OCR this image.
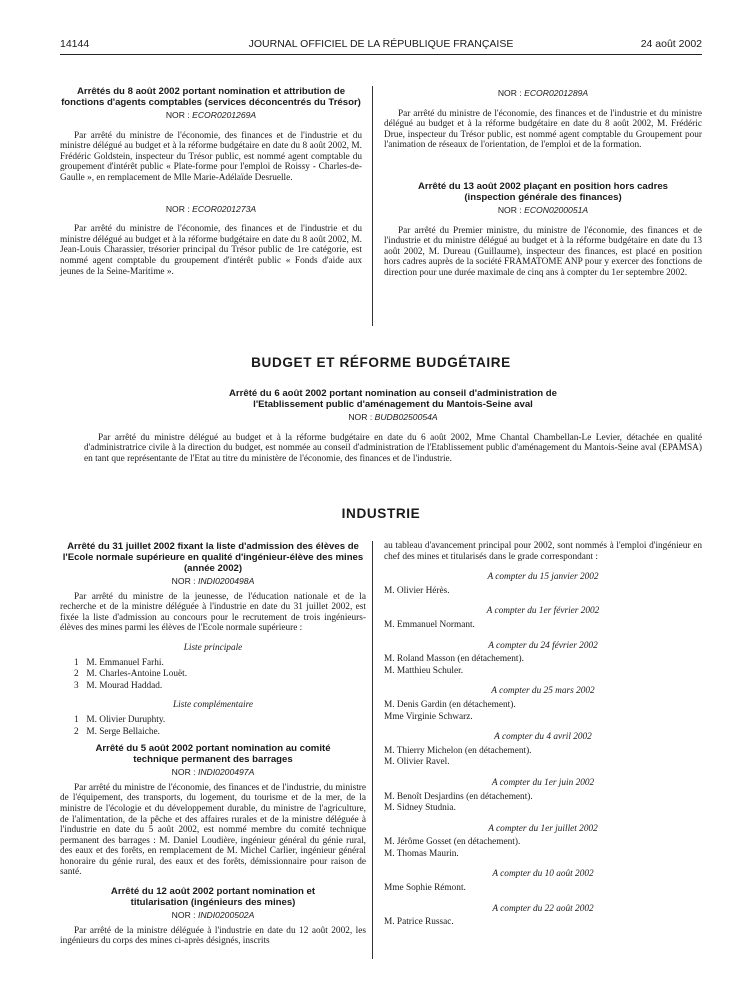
14144	JOURNAL OFFICIEL DE LA RÉPUBLIQUE FRANÇAISE	24 août 2002

Arrêtés du 8 août 2002 portant nomination et attribution de fonctions d'agents comptables (services déconcentrés du Trésor)

NOR : ECOR0201269A

Par arrêté du ministre de l'économie, des finances et de l'industrie et du ministre délégué au budget et à la réforme budgétaire en date du 8 août 2002, M. Frédéric Goldstein, inspecteur du Trésor public, est nommé agent comptable du groupement d'intérêt public « Plate-forme pour l'emploi de Roissy - Charles-de-Gaulle », en remplacement de Mlle Marie-Adélaïde Desruelle.

NOR : ECOR0201273A

Par arrêté du ministre de l'économie, des finances et de l'industrie et du ministre délégué au budget et à la réforme budgétaire en date du 8 août 2002, M. Jean-Louis Charassier, trésorier principal du Trésor public de 1re catégorie, est nommé agent comptable du groupement d'intérêt public « Fonds d'aide aux jeunes de la Seine-Maritime ».

NOR : ECOR0201289A

Par arrêté du ministre de l'économie, des finances et de l'industrie et du ministre délégué au budget et à la réforme budgétaire en date du 8 août 2002, M. Frédéric Drue, inspecteur du Trésor public, est nommé agent comptable du Groupement pour l'animation de réseaux de l'orientation, de l'emploi et de la formation.

Arrêté du 13 août 2002 plaçant en position hors cadres (inspection générale des finances)

NOR : ECON0200051A

Par arrêté du Premier ministre, du ministre de l'économie, des finances et de l'industrie et du ministre délégué au budget et à la réforme budgétaire en date du 13 août 2002, M. Dureau (Guillaume), inspecteur des finances, est placé en position hors cadres auprès de la société FRAMATOME ANP pour y exercer des fonctions de direction pour une durée maximale de cinq ans à compter du 1er septembre 2002.

BUDGET ET RÉFORME BUDGÉTAIRE

Arrêté du 6 août 2002 portant nomination au conseil d'administration de l'Etablissement public d'aménagement du Mantois-Seine aval

NOR : BUDB0250054A

Par arrêté du ministre délégué au budget et à la réforme budgétaire en date du 6 août 2002, Mme Chantal Chambellan-Le Levier, détachée en qualité d'administratrice civile à la direction du budget, est nommée au conseil d'administration de l'Etablissement public d'aménagement du Mantois-Seine aval (EPAMSA) en tant que représentante de l'Etat au titre du ministère de l'économie, des finances et de l'industrie.

INDUSTRIE

Arrêté du 31 juillet 2002 fixant la liste d'admission des élèves de l'Ecole normale supérieure en qualité d'ingénieur-élève des mines (année 2002)

NOR : INDI0200498A

Par arrêté du ministre de la jeunesse, de l'éducation nationale et de la recherche et de la ministre déléguée à l'industrie en date du 31 juillet 2002, est fixée la liste d'admission au concours pour le recrutement de trois ingénieurs-élèves des mines parmi les élèves de l'Ecole normale supérieure :

Liste principale

1 M. Emmanuel Farhi.

2 M. Charles-Antoine Louët.

3 M. Mourad Haddad.

Liste complémentaire

1 M. Olivier Duruphty.

2 M. Serge Bellaiche.

Arrêté du 5 août 2002 portant nomination au comité technique permanent des barrages

NOR : INDI0200497A

Par arrêté du ministre de l'économie, des finances et de l'industrie, du ministre de l'équipement, des transports, du logement, du tourisme et de la mer, de la ministre de l'écologie et du développement durable, du ministre de l'agriculture, de l'alimentation, de la pêche et des affaires rurales et de la ministre déléguée à l'industrie en date du 5 août 2002, est nommé membre du comité technique permanent des barrages : M. Daniel Loudière, ingénieur général du génie rural, des eaux et des forêts, en remplacement de M. Michel Carlier, ingénieur général honoraire du génie rural, des eaux et des forêts, démissionnaire pour raison de santé.

Arrêté du 12 août 2002 portant nomination et titularisation (ingénieurs des mines)

NOR : INDI0200502A

Par arrêté de la ministre déléguée à l'industrie en date du 12 août 2002, les ingénieurs du corps des mines ci-après désignés, inscrits

au tableau d'avancement principal pour 2002, sont nommés à l'emploi d'ingénieur en chef des mines et titularisés dans le grade correspondant :

A compter du 15 janvier 2002

M. Olivier Hérès.

A compter du 1er février 2002

M. Emmanuel Normant.

A compter du 24 février 2002

M. Roland Masson (en détachement).

M. Matthieu Schuler.

A compter du 25 mars 2002

M. Denis Gardin (en détachement).

Mme Virginie Schwarz.

A compter du 4 avril 2002

M. Thierry Michelon (en détachement).

M. Olivier Ravel.

A compter du 1er juin 2002

M. Benoît Desjardins (en détachement).

M. Sidney Studnia.

A compter du 1er juillet 2002

M. Jérôme Gosset (en détachement).

M. Thomas Maurin.

A compter du 10 août 2002

Mme Sophie Rémont.

A compter du 22 août 2002

M. Patrice Russac.
